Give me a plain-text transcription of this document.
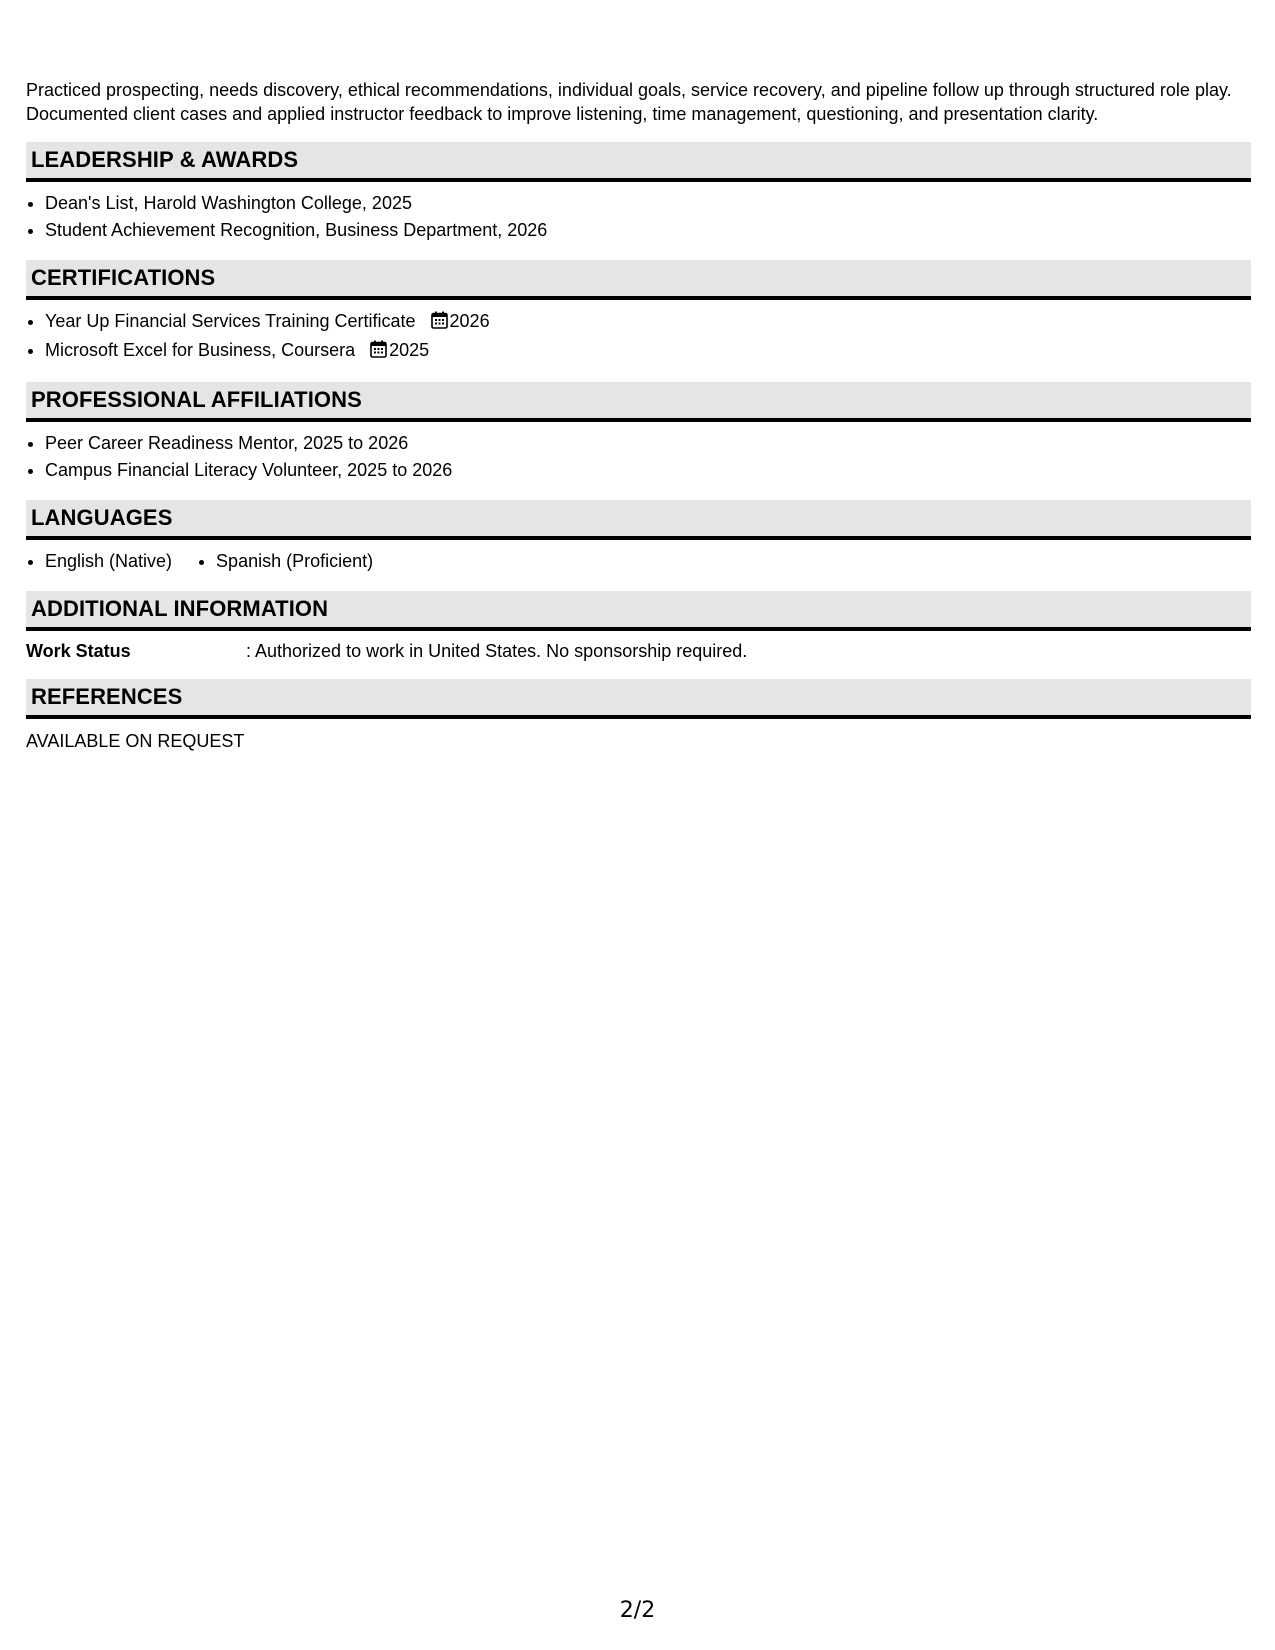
Practiced prospecting, needs discovery, ethical recommendations, individual goals, service recovery, and pipeline follow up through structured role play. Documented client cases and applied instructor feedback to improve listening, time management, questioning, and presentation clarity.

LEADERSHIP & AWARDS
• Dean's List, Harold Washington College, 2025
• Student Achievement Recognition, Business Department, 2026
CERTIFICATIONS
• Year Up Financial Services Training Certificate 2026
• Microsoft Excel for Business, Coursera 2025
PROFESSIONAL AFFILIATIONS
• Peer Career Readiness Mentor, 2025 to 2026
• Campus Financial Literacy Volunteer, 2025 to 2026
LANGUAGES
• English (Native)
• Spanish (Proficient)
ADDITIONAL INFORMATION
Work Status	: Authorized to work in United States. No sponsorship required.
REFERENCES

AVAILABLE ON REQUEST

2/2
